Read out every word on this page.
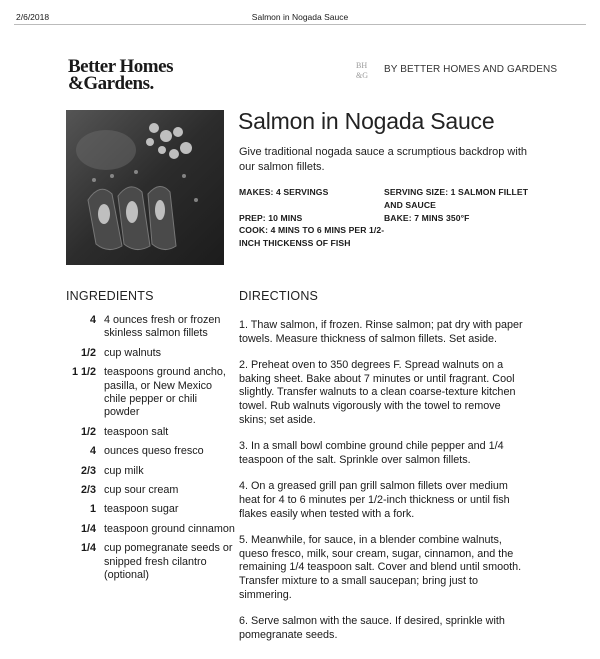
2/6/2018	Salmon in Nogada Sauce
Better Homes
&Gardens.
BH
&G
BY BETTER HOMES AND GARDENS
Salmon in Nogada Sauce
Give traditional nogada sauce a scrumptious backdrop with our salmon fillets.
MAKES: 4 SERVINGS	SERVING SIZE: 1 SALMON FILLET AND SAUCE
PREP: 10 MINS
COOK: 4 MINS TO 6 MINS PER 1/2-INCH THICKENSS OF FISH
BAKE: 7 MINS 350°F
INGREDIENTS	DIRECTIONS
4 4 ounces fresh or frozen skinless salmon fillets
1/2 cup walnuts
1 1/2 teaspoons ground ancho, pasilla, or New Mexico chile pepper or chili powder
1/2 teaspoon salt
4 ounces queso fresco
2/3 cup milk
2/3 cup sour cream
1 teaspoon sugar
1/4 teaspoon ground cinnamon
1/4 cup pomegranate seeds or snipped fresh cilantro (optional)

1. Thaw salmon, if frozen. Rinse salmon; pat dry with paper towels. Measure thickness of salmon fillets. Set aside.

2. Preheat oven to 350 degrees F. Spread walnuts on a baking sheet. Bake about 7 minutes or until fragrant. Cool slightly. Transfer walnuts to a clean coarse-texture kitchen towel. Rub walnuts vigorously with the towel to remove skins; set aside.

3. In a small bowl combine ground chile pepper and 1/4 teaspoon of the salt. Sprinkle over salmon fillets.

4. On a greased grill pan grill salmon fillets over medium heat for 4 to 6 minutes per 1/2-inch thickness or until fish flakes easily when tested with a fork.

5. Meanwhile, for sauce, in a blender combine walnuts, queso fresco, milk, sour cream, sugar, cinnamon, and the remaining 1/4 teaspoon salt. Cover and blend until smooth. Transfer mixture to a small saucepan; bring just to simmering.

6. Serve salmon with the sauce. If desired, sprinkle with pomegranate seeds.
